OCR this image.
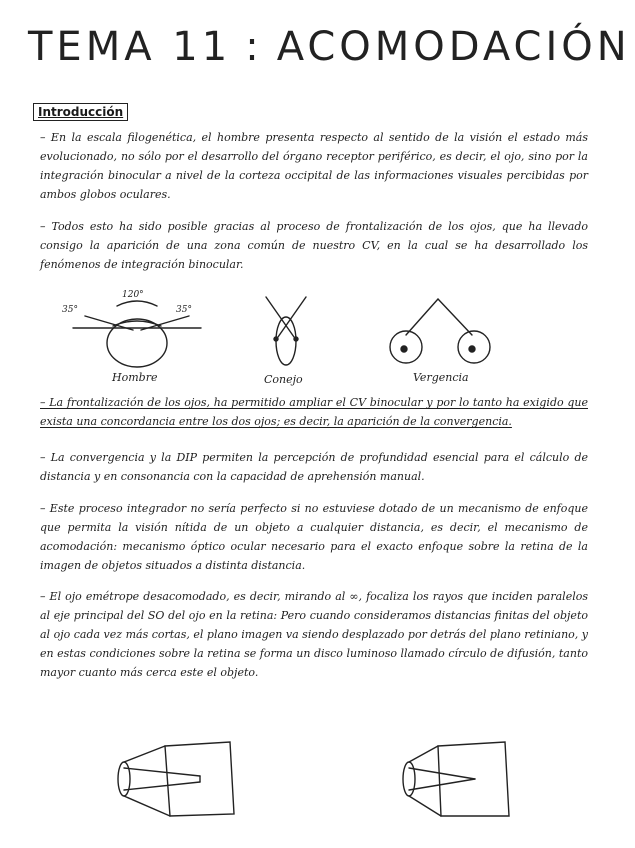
TEMA 11 : ACOMODACIÓN
Introducción
– En la escala filogenética, el hombre presenta respecto al sentido de la visión el estado más evolucionado, no sólo por el desarrollo del órgano receptor periférico, es decir, el ojo, sino por la integración binocular a nivel de la corteza occipital de las informaciones visuales percibidas por ambos globos oculares.
– Todos esto ha sido posible gracias al proceso de frontalización de los ojos, que ha llevado consigo la aparición de una zona común de nuestro CV, en la cual se ha desarrollado los fenómenos de integración binocular.
120°
35°	35°
Hombre	Conejo	Vergencia
– La frontalización de los ojos, ha permitido ampliar el CV binocular y por lo tanto ha exigido que exista una concordancia entre los dos ojos; es decir, la aparición de la convergencia.
– La convergencia y la DIP permiten la percepción de profundidad esencial para el cálculo de distancia y en consonancia con la capacidad de aprehensión manual.
– Este proceso integrador no sería perfecto si no estuviese dotado de un mecanismo de enfoque que permita la visión nítida de un objeto a cualquier distancia, es decir, el mecanismo de acomodación: mecanismo óptico ocular necesario para el exacto enfoque sobre la retina de la imagen de objetos situados a distinta distancia.
– El ojo emétrope desacomodado, es decir, mirando al ∞, focaliza los rayos que inciden paralelos al eje principal del SO del ojo en la retina: Pero cuando consideramos distancias finitas del objeto al ojo cada vez más cortas, el plano imagen va siendo desplazado por detrás del plano retiniano, y en estas condiciones sobre la retina se forma un disco luminoso llamado círculo de difusión, tanto mayor cuanto más cerca este el objeto.
